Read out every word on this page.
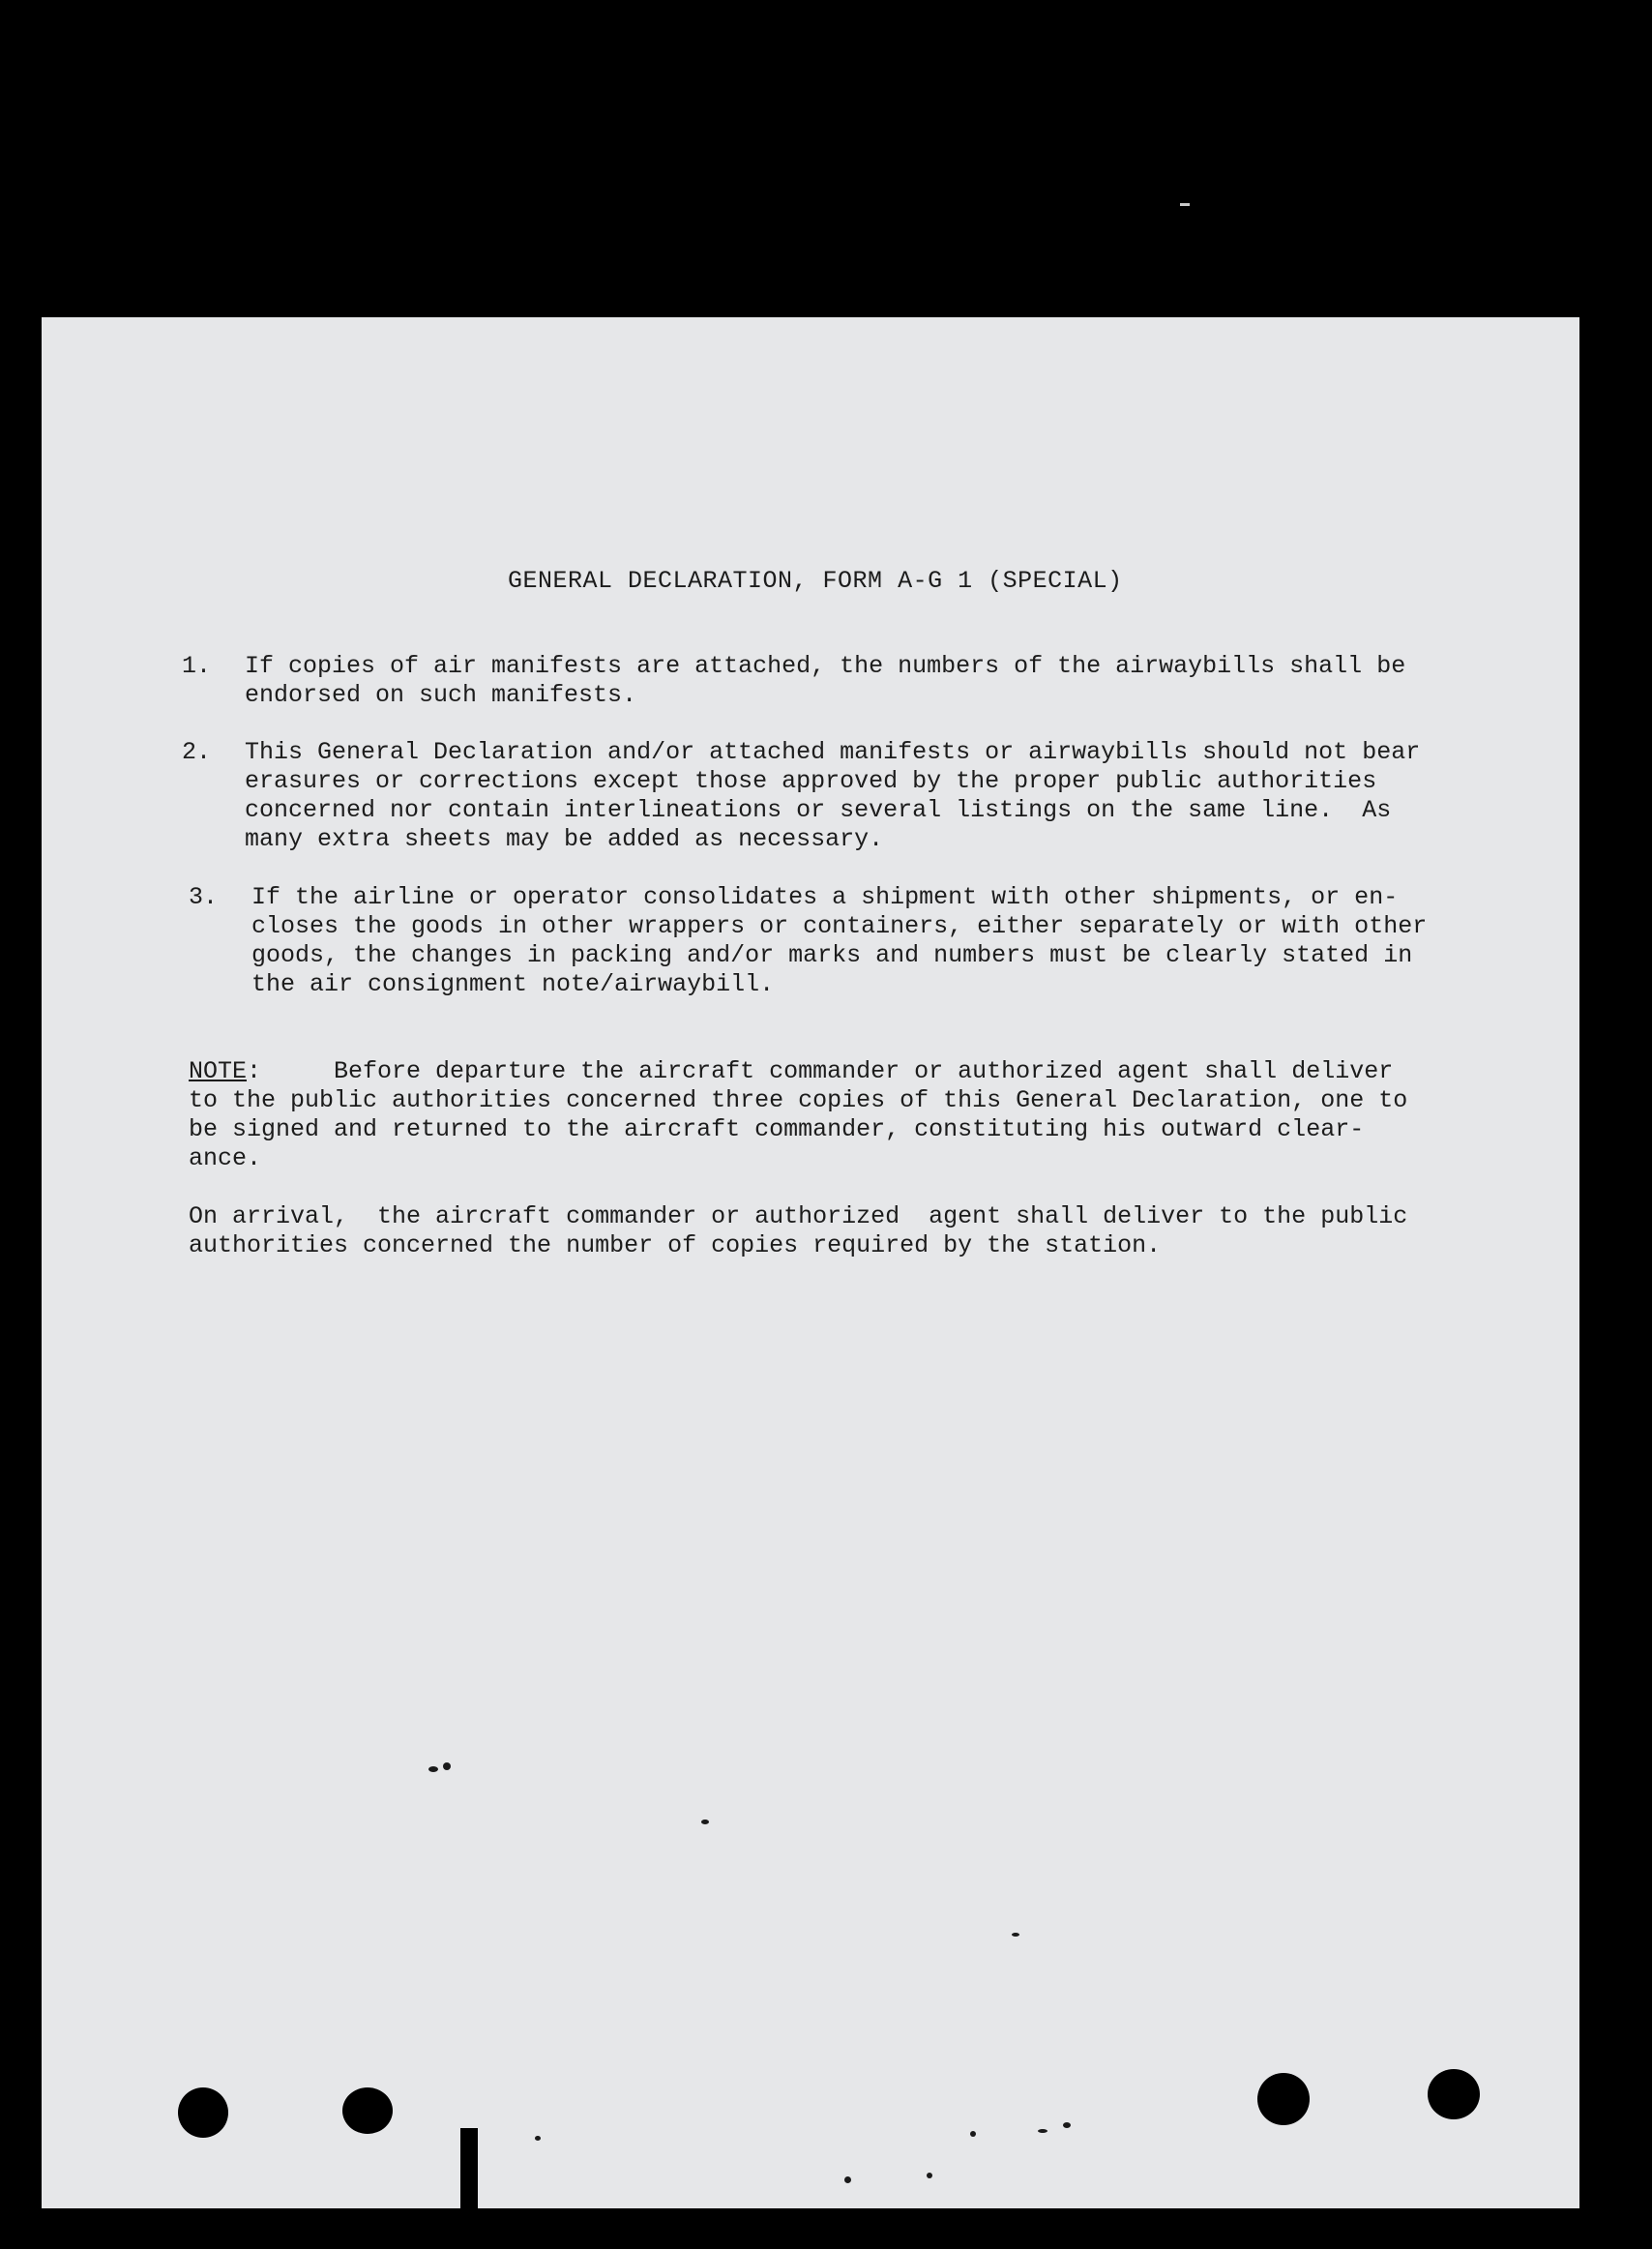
GENERAL DECLARATION, FORM A-G 1 (SPECIAL)
1. If copies of air manifests are attached, the numbers of the airwaybills shall be
endorsed on such manifests.
2. This General Declaration and/or attached manifests or airwaybills should not bear
erasures or corrections except those approved by the proper public authorities
concerned nor contain interlineations or several listings on the same line.  As
many extra sheets may be added as necessary.
3. If the airline or operator consolidates a shipment with other shipments, or en-
closes the goods in other wrappers or containers, either separately or with other
goods, the changes in packing and/or marks and numbers must be clearly stated in
the air consignment note/airwaybill.
NOTE:     Before departure the aircraft commander or authorized agent shall deliver
to the public authorities concerned three copies of this General Declaration, one to
be signed and returned to the aircraft commander, constituting his outward clear-
ance.
On arrival,  the aircraft commander or authorized  agent shall deliver to the public
authorities concerned the number of copies required by the station.
